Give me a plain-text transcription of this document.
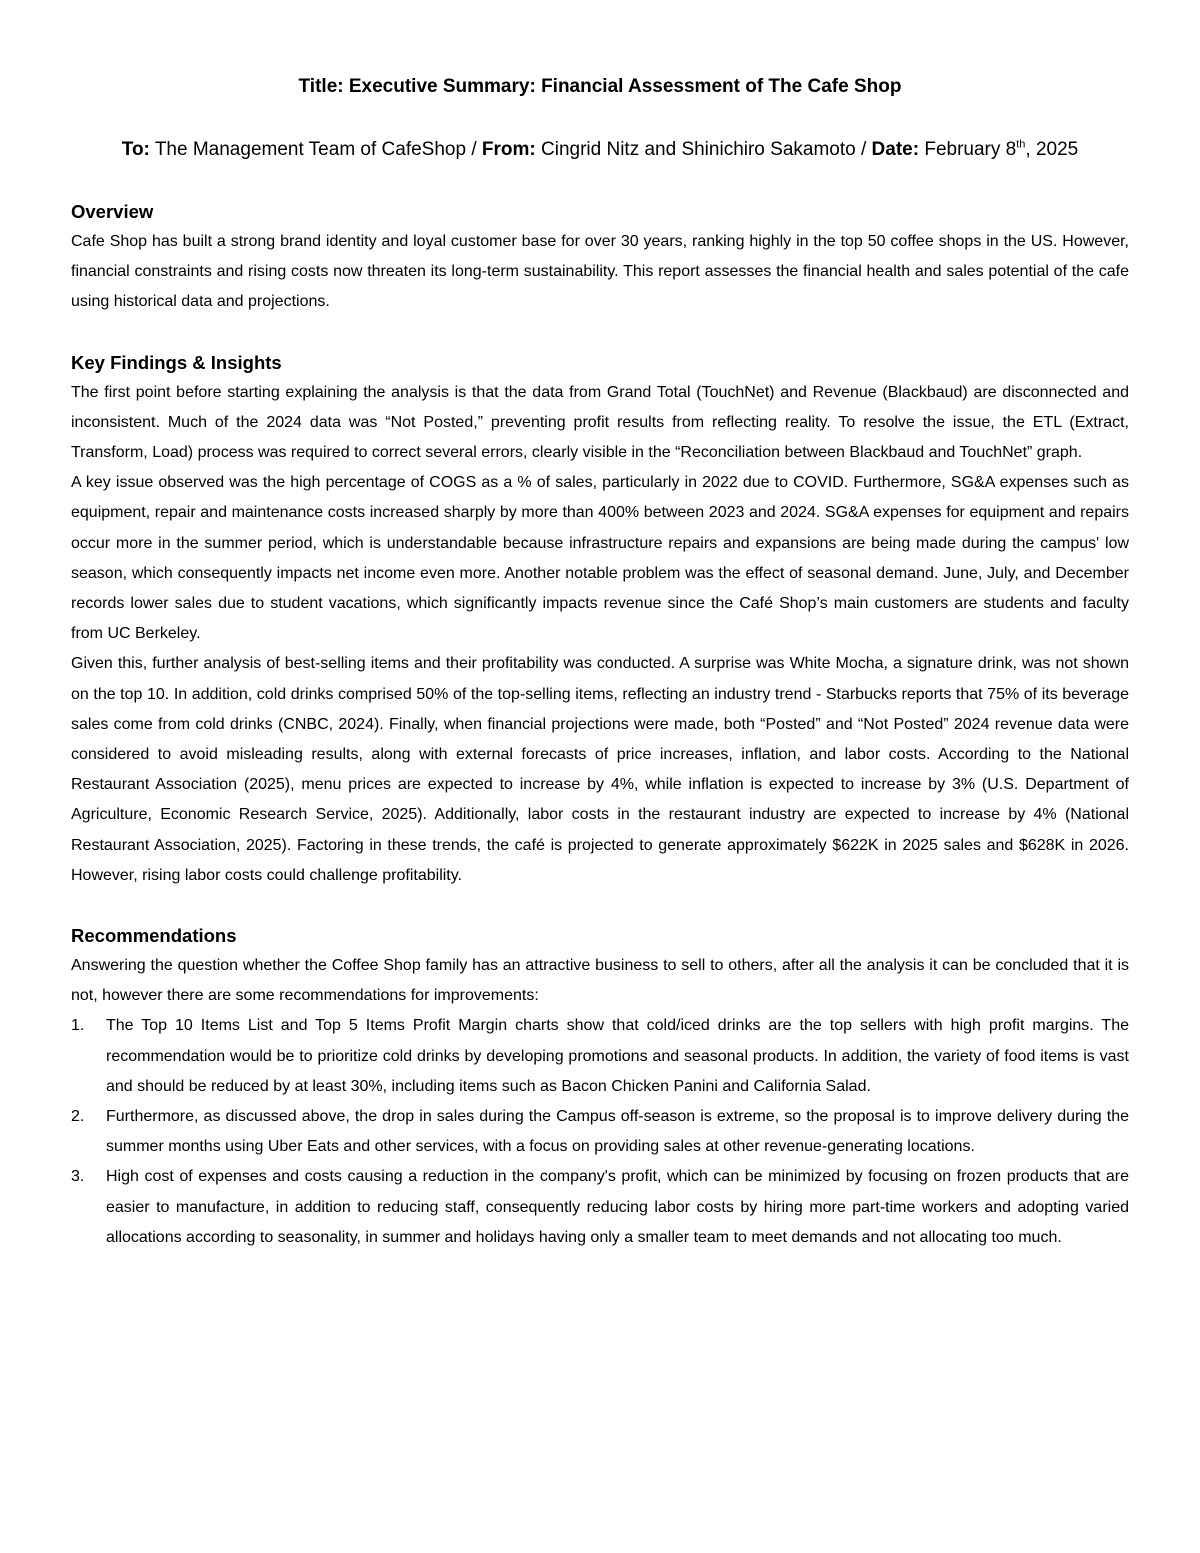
Title: Executive Summary: Financial Assessment of The Cafe Shop

To: The Management Team of CafeShop / From: Cingrid Nitz and Shinichiro Sakamoto / Date: February 8th, 2025

Overview

Cafe Shop has built a strong brand identity and loyal customer base for over 30 years, ranking highly in the top 50 coffee shops in the US. However, financial constraints and rising costs now threaten its long-term sustainability. This report assesses the financial health and sales potential of the cafe using historical data and projections.

Key Findings & Insights

The first point before starting explaining the analysis is that the data from Grand Total (TouchNet) and Revenue (Blackbaud) are disconnected and inconsistent. Much of the 2024 data was “Not Posted,” preventing profit results from reflecting reality. To resolve the issue, the ETL (Extract, Transform, Load) process was required to correct several errors, clearly visible in the “Reconciliation between Blackbaud and TouchNet” graph.

A key issue observed was the high percentage of COGS as a % of sales, particularly in 2022 due to COVID. Furthermore, SG&A expenses such as equipment, repair and maintenance costs increased sharply by more than 400% between 2023 and 2024. SG&A expenses for equipment and repairs occur more in the summer period, which is understandable because infrastructure repairs and expansions are being made during the campus' low season, which consequently impacts net income even more. Another notable problem was the effect of seasonal demand. June, July, and December records lower sales due to student vacations, which significantly impacts revenue since the Café Shop’s main customers are students and faculty from UC Berkeley.

Given this, further analysis of best-selling items and their profitability was conducted. A surprise was White Mocha, a signature drink, was not shown on the top 10. In addition, cold drinks comprised 50% of the top-selling items, reflecting an industry trend - Starbucks reports that 75% of its beverage sales come from cold drinks (CNBC, 2024). Finally, when financial projections were made, both “Posted” and “Not Posted” 2024 revenue data were considered to avoid misleading results, along with external forecasts of price increases, inflation, and labor costs. According to the National Restaurant Association (2025), menu prices are expected to increase by 4%, while inflation is expected to increase by 3% (U.S. Department of Agriculture, Economic Research Service, 2025). Additionally, labor costs in the restaurant industry are expected to increase by 4% (National Restaurant Association, 2025). Factoring in these trends, the café is projected to generate approximately $622K in 2025 sales and $628K in 2026. However, rising labor costs could challenge profitability.

Recommendations

Answering the question whether the Coffee Shop family has an attractive business to sell to others, after all the analysis it can be concluded that it is not, however there are some recommendations for improvements:

1. The Top 10 Items List and Top 5 Items Profit Margin charts show that cold/iced drinks are the top sellers with high profit margins. The recommendation would be to prioritize cold drinks by developing promotions and seasonal products. In addition, the variety of food items is vast and should be reduced by at least 30%, including items such as Bacon Chicken Panini and California Salad.
2. Furthermore, as discussed above, the drop in sales during the Campus off-season is extreme, so the proposal is to improve delivery during the summer months using Uber Eats and other services, with a focus on providing sales at other revenue-generating locations.
3. High cost of expenses and costs causing a reduction in the company's profit, which can be minimized by focusing on frozen products that are easier to manufacture, in addition to reducing staff, consequently reducing labor costs by hiring more part-time workers and adopting varied allocations according to seasonality, in summer and holidays having only a smaller team to meet demands and not allocating too much.
